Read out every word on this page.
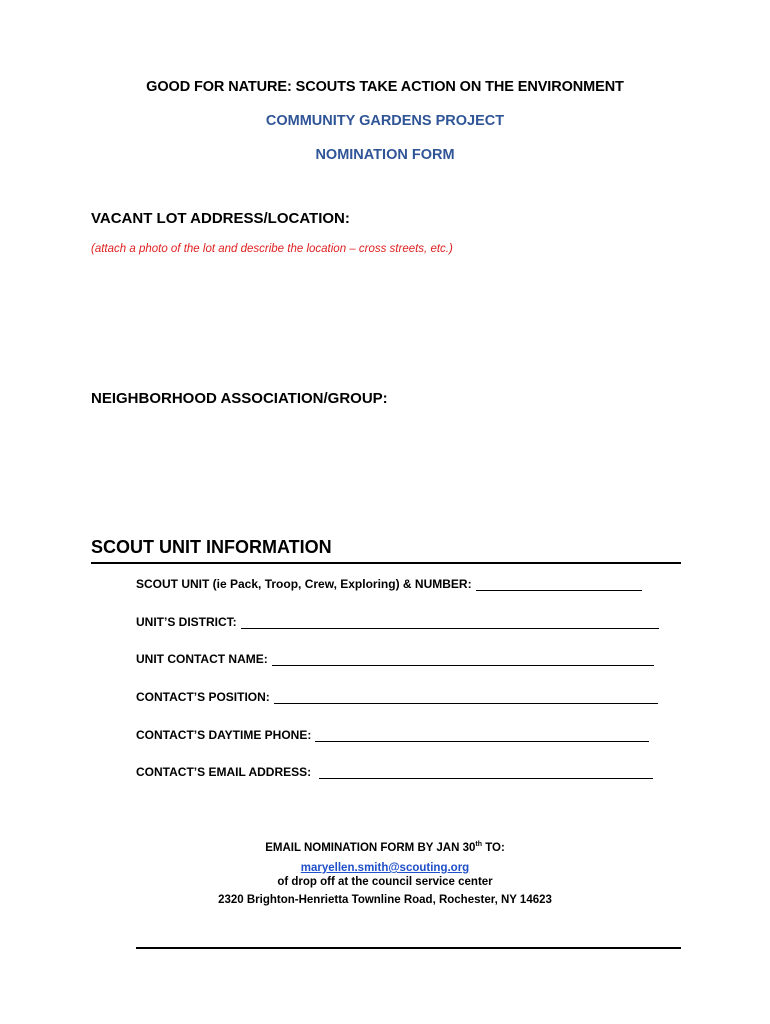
GOOD FOR NATURE: SCOUTS TAKE ACTION ON THE ENVIRONMENT
COMMUNITY GARDENS PROJECT
NOMINATION FORM
VACANT LOT ADDRESS/LOCATION:
(attach a photo of the lot and describe the location – cross streets, etc.)
NEIGHBORHOOD ASSOCIATION/GROUP:
SCOUT UNIT INFORMATION
SCOUT UNIT (ie Pack, Troop, Crew, Exploring) & NUMBER:
UNIT’S DISTRICT:
UNIT CONTACT NAME:
CONTACT’S POSITION:
CONTACT’S DAYTIME PHONE:
CONTACT’S EMAIL ADDRESS:
EMAIL NOMINATION FORM BY JAN 30th TO:
maryellen.smith@scouting.org
of drop off at the council service center
2320 Brighton-Henrietta Townline Road, Rochester, NY 14623
